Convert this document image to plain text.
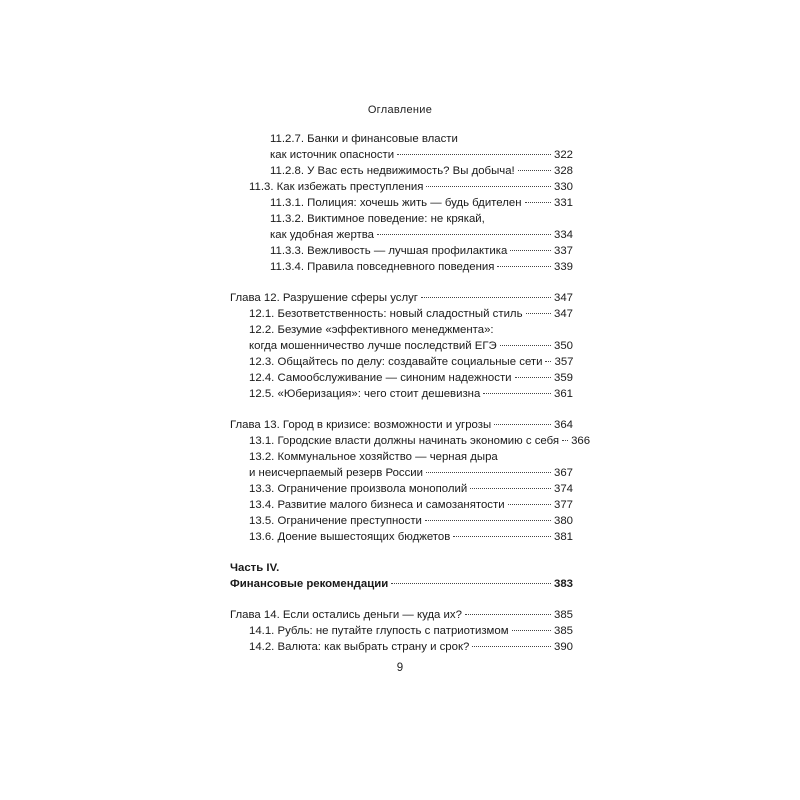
Оглавление
11.2.7. Банки и финансовые власти
как источник опасности	322
11.2.8. У Вас есть недвижимость? Вы добыча!	328
11.3. Как избежать преступления	330
11.3.1. Полиция: хочешь жить — будь бдителен	331
11.3.2. Виктимное поведение: не крякай,
как удобная жертва	334
11.3.3. Вежливость — лучшая профилактика	337
11.3.4. Правила повседневного поведения	339
Глава 12. Разрушение сферы услуг	347
12.1. Безответственность: новый сладостный стиль	347
12.2. Безумие «эффективного менеджмента»:
когда мошенничество лучше последствий ЕГЭ	350
12.3. Общайтесь по делу: создавайте социальные сети 357
12.4. Самообслуживание — синоним надежности	359
12.5. «Юберизация»: чего стоит дешевизна	361
Глава 13. Город в кризисе: возможности и угрозы	364
13.1. Городские власти должны начинать экономию с себя 366
13.2. Коммунальное хозяйство — черная дыра
и неисчерпаемый резерв России	367
13.3. Ограничение произвола монополий	374
13.4. Развитие малого бизнеса и самозанятости	377
13.5. Ограничение преступности	380
13.6. Доение вышестоящих бюджетов	381
Часть IV.
Финансовые рекомендации	383
Глава 14. Если остались деньги — куда их?	385
14.1. Рубль: не путайте глупость с патриотизмом	385
14.2. Валюта: как выбрать страну и срок?	390
9
